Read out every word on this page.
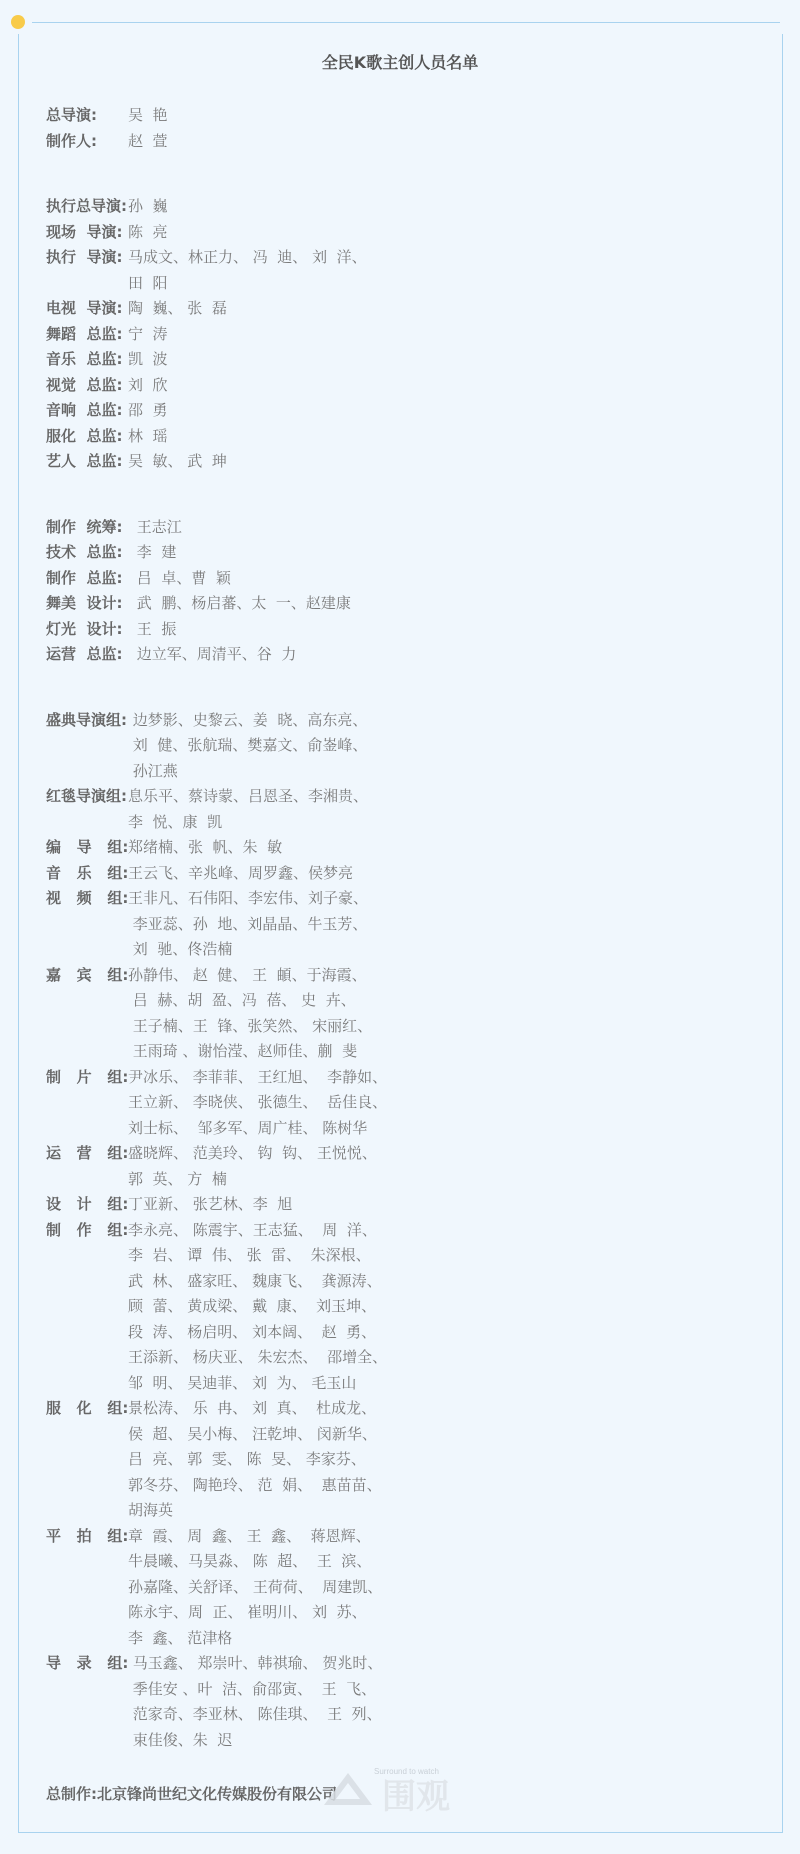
全民K歌主创人员名单
总导演:	吴  艳
制作人:	赵  萱
执行总导演: 孙  巍
现场  导演: 陈  亮
执行  导演: 马成文、林正力、 冯  迪、 刘  洋、
田  阳
电视  导演: 陶  巍、 张  磊
舞蹈  总监: 宁  涛
音乐  总监: 凯  波
视觉  总监: 刘  欣
音响  总监: 邵  勇
服化  总监: 林  瑶
艺人  总监: 吴  敏、 武  珅
制作  统筹: 王志江
技术  总监: 李  建
制作  总监: 吕  卓、曹  颖
舞美  设计: 武  鹏、杨启蕃、太  一、赵建康
灯光  设计: 王  振
运营  总监: 边立军、周清平、谷  力
盛典导演组: 边梦影、史黎云、姜  晓、高东亮、
刘  健、张航瑞、樊嘉文、俞崟峰、
孙江燕
红毯导演组: 息乐平、蔡诗蒙、吕恩圣、李湘贵、
李  悦、康  凯
编   导   组: 郑绪楠、张  帆、朱  敏
音   乐   组: 王云飞、辛兆峰、周罗鑫、侯梦亮
视   频   组: 王非凡、石伟阳、李宏伟、刘子豪、
李亚蕊、孙  地、刘晶晶、牛玉芳、
刘  驰、佟浩楠
嘉   宾   组: 孙静伟、 赵  健、 王  頔、于海霞、
吕  赫、胡  盈、冯  蓓、 史  卉、
王子楠、王  锋、张笑然、 宋丽红、
王雨琦 、谢怡滢、赵师佳、蒯  斐
制   片   组: 尹冰乐、 李菲菲、 王红旭、  李静如、
王立新、 李晓侠、 张德生、  岳佳良、
刘士标、  邹多军、周广桂、 陈树华
运   营   组: 盛晓辉、 范美玲、 钩  钩、 王悦悦、
郭  英、 方  楠
设   计   组: 丁亚新、 张艺林、李  旭
制   作   组: 李永亮、 陈震宇、王志猛、  周  洋、
李  岩、 谭  伟、 张  雷、  朱深根、
武  林、 盛家旺、 魏康飞、  龚源涛、
顾  蕾、 黄成梁、 戴  康、  刘玉坤、
段  涛、 杨启明、 刘本阔、  赵  勇、
王添新、 杨庆亚、 朱宏杰、  邵增全、
邹  明、 吴迪菲、 刘  为、 毛玉山
服   化   组: 景松涛、 乐  冉、 刘  真、  杜成龙、
侯  超、 吴小梅、 汪乾坤、 闵新华、
吕  亮、 郭  雯、 陈  旻、 李家芬、
郭冬芬、 陶艳玲、 范  娟、  惠苗苗、
胡海英
平   拍   组: 章  霞、 周  鑫、 王  鑫、  蒋恩辉、
牛晨曦、马昊淼、 陈  超、  王  滨、
孙嘉隆、关舒译、 王荷荷、  周建凯、
陈永宇、周  正、 崔明川、 刘  苏、
李  鑫、 范津格
导   录   组: 马玉鑫、 郑崇叶、韩祺瑜、 贺兆时、
季佳安 、叶  洁、俞邵寅、  王  飞、
范家奇、李亚林、 陈佳琪、  王  列、
束佳俊、朱  迟
总制作:北京锋尚世纪文化传媒股份有限公司
Surround to watch
围观
